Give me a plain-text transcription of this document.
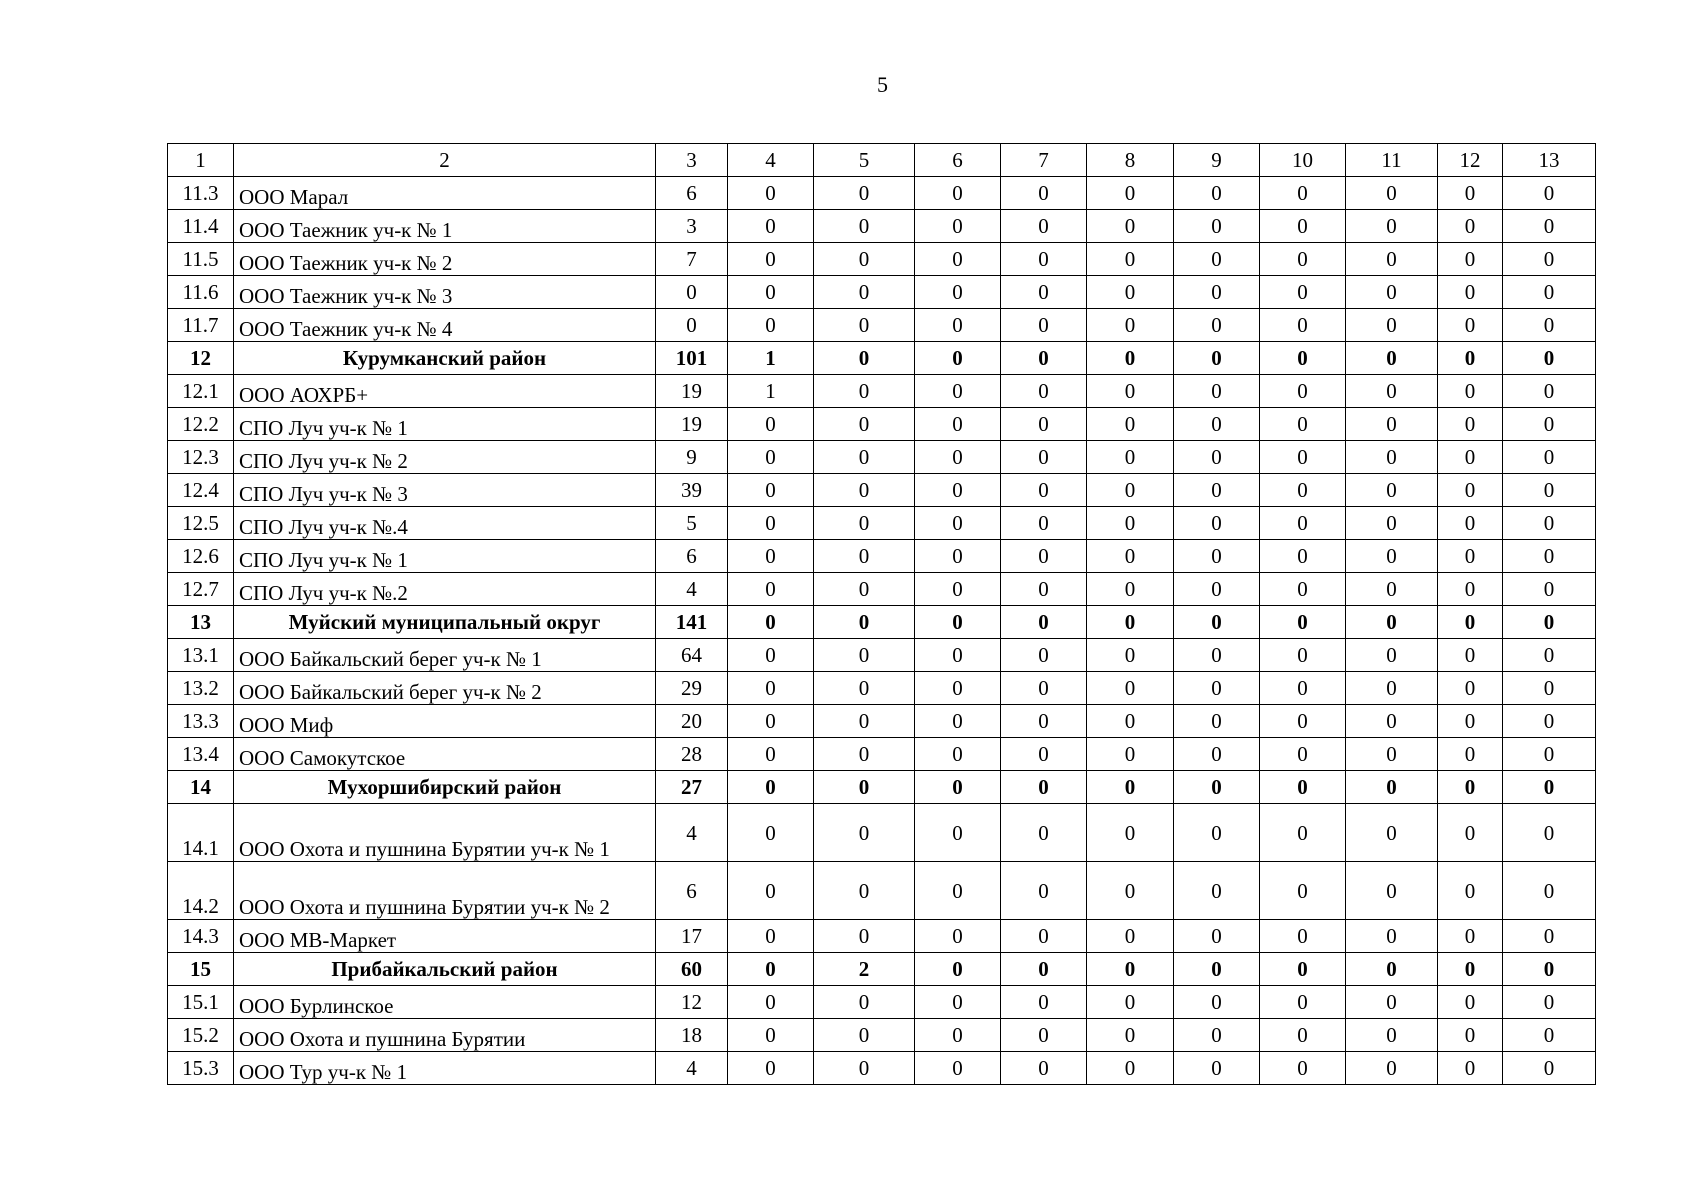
5
1	2	3	4	5	6	7	8	9	10	11	12	13
11.3	ООО Марал	6	0	0	0	0	0	0	0	0	0	0
11.4	ООО Таежник уч-к № 1	3	0	0	0	0	0	0	0	0	0	0
11.5	ООО Таежник уч-к № 2	7	0	0	0	0	0	0	0	0	0	0
11.6	ООО Таежник уч-к № 3	0	0	0	0	0	0	0	0	0	0	0
11.7	ООО Таежник уч-к № 4	0	0	0	0	0	0	0	0	0	0	0
12	Курумканский район	101	1	0	0	0	0	0	0	0	0	0
12.1	ООО АОХРБ+	19	1	0	0	0	0	0	0	0	0	0
12.2	СПО Луч уч-к № 1	19	0	0	0	0	0	0	0	0	0	0
12.3	СПО Луч уч-к № 2	9	0	0	0	0	0	0	0	0	0	0
12.4	СПО Луч уч-к № 3	39	0	0	0	0	0	0	0	0	0	0
12.5	СПО Луч уч-к №.4	5	0	0	0	0	0	0	0	0	0	0
12.6	СПО Луч уч-к № 1	6	0	0	0	0	0	0	0	0	0	0
12.7	СПО Луч уч-к №.2	4	0	0	0	0	0	0	0	0	0	0
13	Муйский муниципальный округ	141	0	0	0	0	0	0	0	0	0	0
13.1	ООО Байкальский берег уч-к № 1	64	0	0	0	0	0	0	0	0	0	0
13.2	ООО Байкальский берег уч-к № 2	29	0	0	0	0	0	0	0	0	0	0
13.3	ООО Миф	20	0	0	0	0	0	0	0	0	0	0
13.4	ООО Самокутское	28	0	0	0	0	0	0	0	0	0	0
14	Мухоршибирский район	27	0	0	0	0	0	0	0	0	0	0
14.1	ООО Охота и пушнина Бурятии уч-к № 1	4	0	0	0	0	0	0	0	0	0	0
14.2	ООО Охота и пушнина Бурятии уч-к № 2	6	0	0	0	0	0	0	0	0	0	0
14.3	ООО МВ-Маркет	17	0	0	0	0	0	0	0	0	0	0
15	Прибайкальский район	60	0	2	0	0	0	0	0	0	0	0
15.1	ООО Бурлинское	12	0	0	0	0	0	0	0	0	0	0
15.2	ООО Охота и пушнина Бурятии	18	0	0	0	0	0	0	0	0	0	0
15.3	ООО Тур уч-к № 1	4	0	0	0	0	0	0	0	0	0	0
